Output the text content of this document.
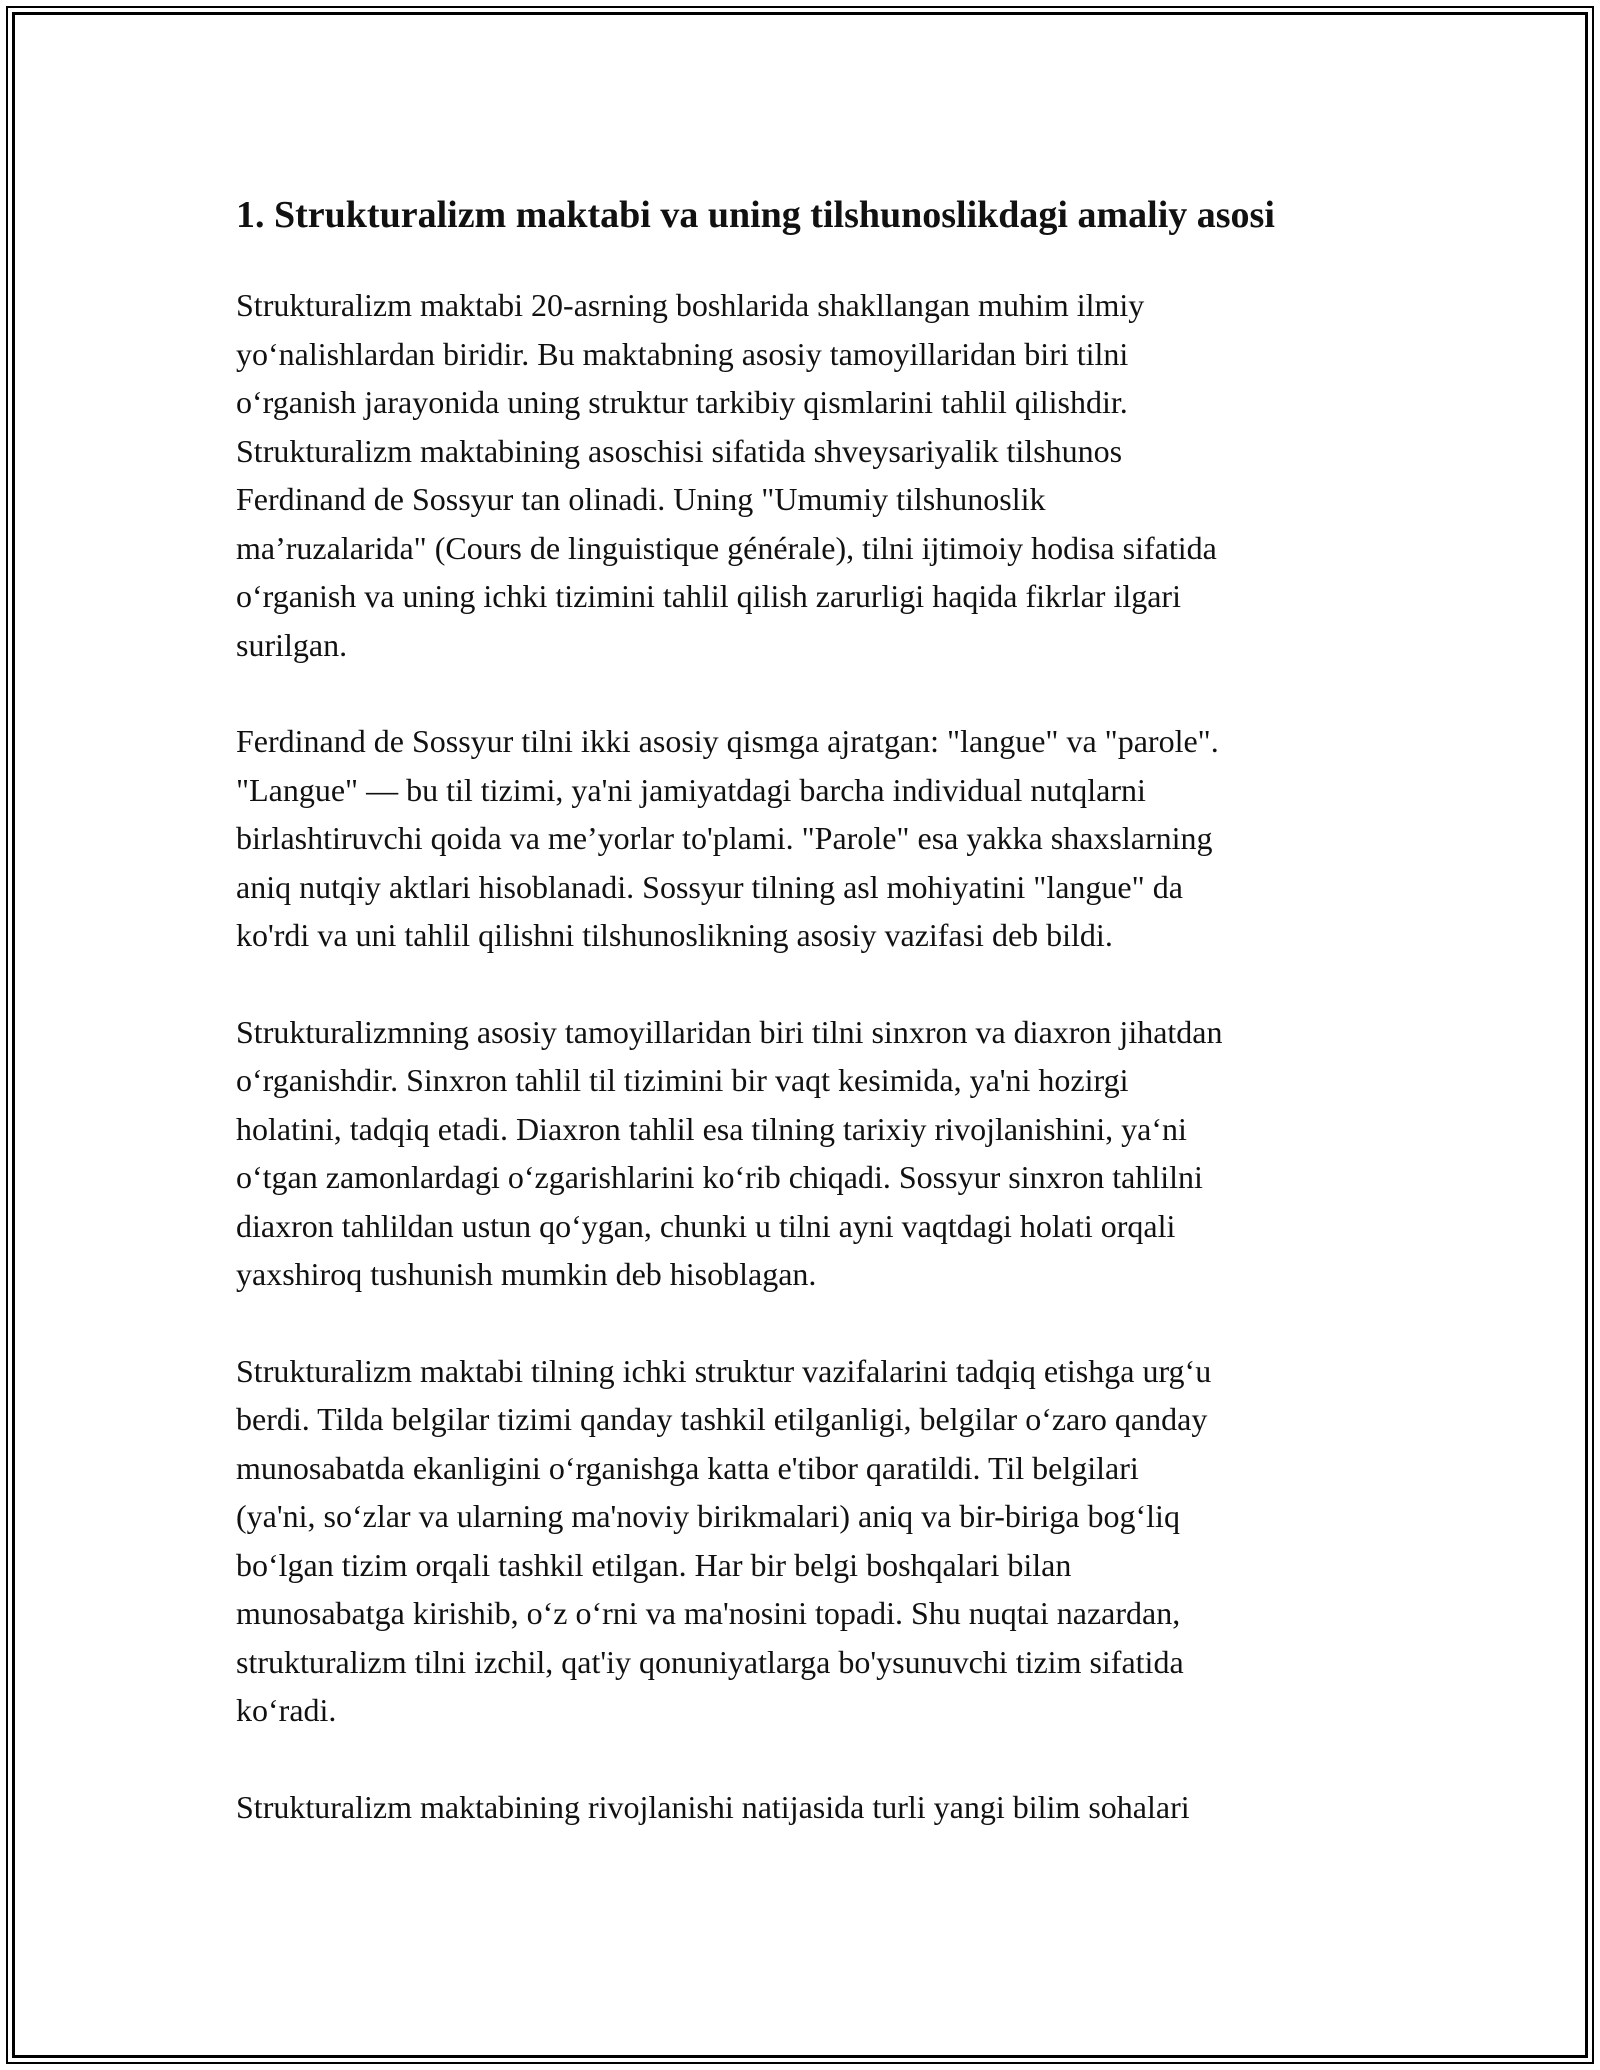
1. Strukturalizm maktabi va uning tilshunoslikdagi amaliy asosi

Strukturalizm maktabi 20-asrning boshlarida shakllangan muhim ilmiy
yo‘nalishlardan biridir. Bu maktabning asosiy tamoyillaridan biri tilni
o‘rganish jarayonida uning struktur tarkibiy qismlarini tahlil qilishdir.
Strukturalizm maktabining asoschisi sifatida shveysariyalik tilshunos
Ferdinand de Sossyur tan olinadi. Uning "Umumiy tilshunoslik
ma’ruzalarida" (Cours de linguistique générale), tilni ijtimoiy hodisa sifatida
o‘rganish va uning ichki tizimini tahlil qilish zarurligi haqida fikrlar ilgari
surilgan.

Ferdinand de Sossyur tilni ikki asosiy qismga ajratgan: "langue" va "parole".
"Langue" — bu til tizimi, ya'ni jamiyatdagi barcha individual nutqlarni
birlashtiruvchi qoida va me’yorlar to'plami. "Parole" esa yakka shaxslarning
aniq nutqiy aktlari hisoblanadi. Sossyur tilning asl mohiyatini "langue" da
ko'rdi va uni tahlil qilishni tilshunoslikning asosiy vazifasi deb bildi.

Strukturalizmning asosiy tamoyillaridan biri tilni sinxron va diaxron jihatdan
o‘rganishdir. Sinxron tahlil til tizimini bir vaqt kesimida, ya'ni hozirgi
holatini, tadqiq etadi. Diaxron tahlil esa tilning tarixiy rivojlanishini, ya‘ni
o‘tgan zamonlardagi o‘zgarishlarini ko‘rib chiqadi. Sossyur sinxron tahlilni
diaxron tahlildan ustun qo‘ygan, chunki u tilni ayni vaqtdagi holati orqali
yaxshiroq tushunish mumkin deb hisoblagan.

Strukturalizm maktabi tilning ichki struktur vazifalarini tadqiq etishga urg‘u
berdi. Tilda belgilar tizimi qanday tashkil etilganligi, belgilar o‘zaro qanday
munosabatda ekanligini o‘rganishga katta e'tibor qaratildi. Til belgilari
(ya'ni, so‘zlar va ularning ma'noviy birikmalari) aniq va bir-biriga bog‘liq
bo‘lgan tizim orqali tashkil etilgan. Har bir belgi boshqalari bilan
munosabatga kirishib, o‘z o‘rni va ma'nosini topadi. Shu nuqtai nazardan,
strukturalizm tilni izchil, qat'iy qonuniyatlarga bo'ysunuvchi tizim sifatida
ko‘radi.

Strukturalizm maktabining rivojlanishi natijasida turli yangi bilim sohalari
